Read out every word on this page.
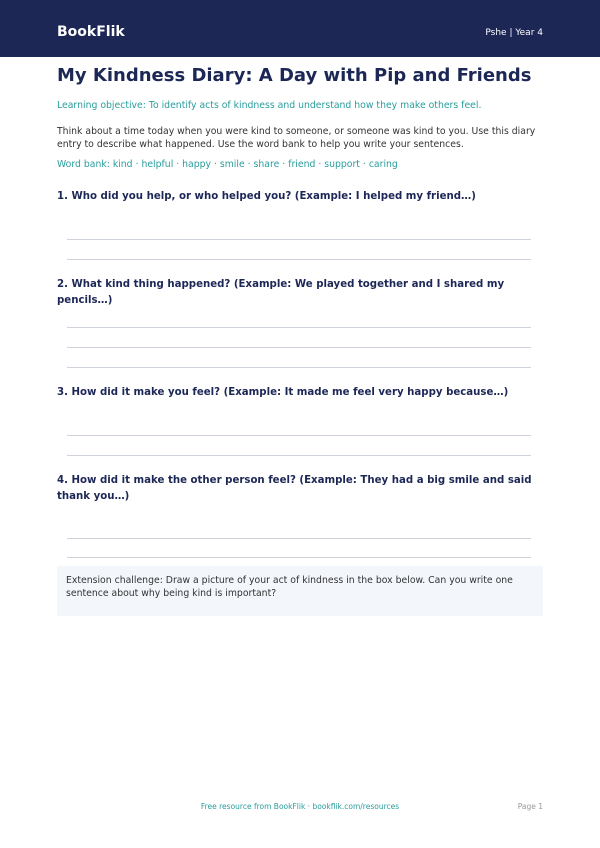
BookFlik	Pshe | Year 4
My Kindness Diary: A Day with Pip and Friends
Learning objective: To identify acts of kindness and understand how they make others feel.
Think about a time today when you were kind to someone, or someone was kind to you. Use this diary entry to describe what happened. Use the word bank to help you write your sentences.
Word bank: kind · helpful · happy · smile · share · friend · support · caring
1. Who did you help, or who helped you? (Example: I helped my friend…)
2. What kind thing happened? (Example: We played together and I shared my pencils…)
3. How did it make you feel? (Example: It made me feel very happy because…)
4. How did it make the other person feel? (Example: They had a big smile and said thank you…)
Extension challenge: Draw a picture of your act of kindness in the box below. Can you write one sentence about why being kind is important?
Free resource from BookFlik · bookflik.com/resources	Page 1
